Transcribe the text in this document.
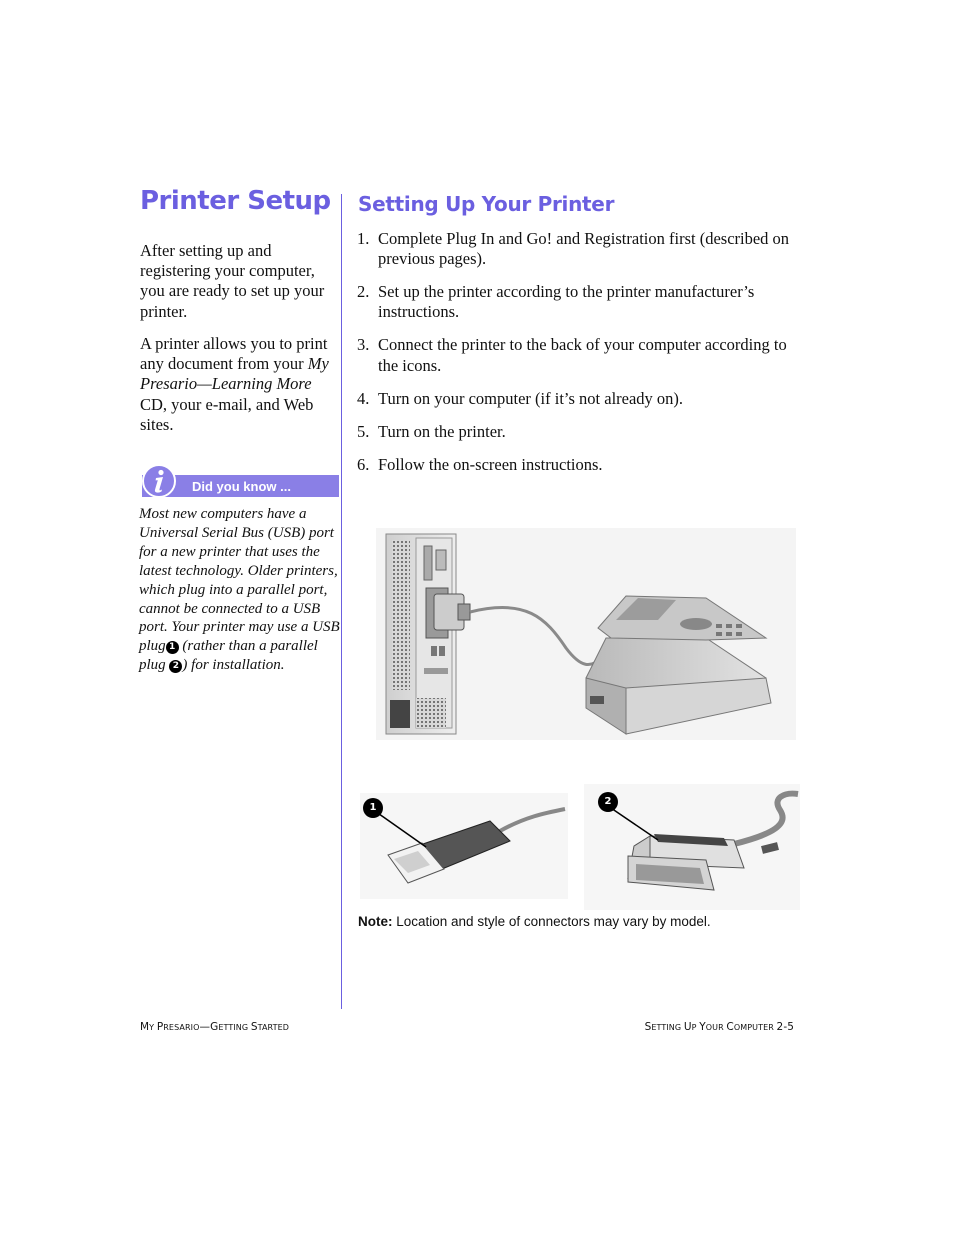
Printer Setup
After setting up and registering your computer, you are ready to set up your printer.
A printer allows you to print any document from your My Presario—Learning More CD, your e-mail, and Web sites.
Did you know ...
Most new computers have a Universal Serial Bus (USB) port for a new printer that uses the latest technology. Older printers, which plug into a parallel port, cannot be connected to a USB port. Your printer may use a USB plug 1 (rather than a parallel plug 2 ) for installation.
Setting Up Your Printer
1. Complete Plug In and Go! and Registration first (described on previous pages).
2. Set up the printer according to the printer manufacturer’s instructions.
3. Connect the printer to the back of your computer according to the icons.
4. Turn on your computer (if it’s not already on).
5. Turn on the printer.
6. Follow the on-screen instructions.
1
2
Note: Location and style of connectors may vary by model.
MY PRESARIO—GETTING STARTED	SETTING UP YOUR COMPUTER 2-5
